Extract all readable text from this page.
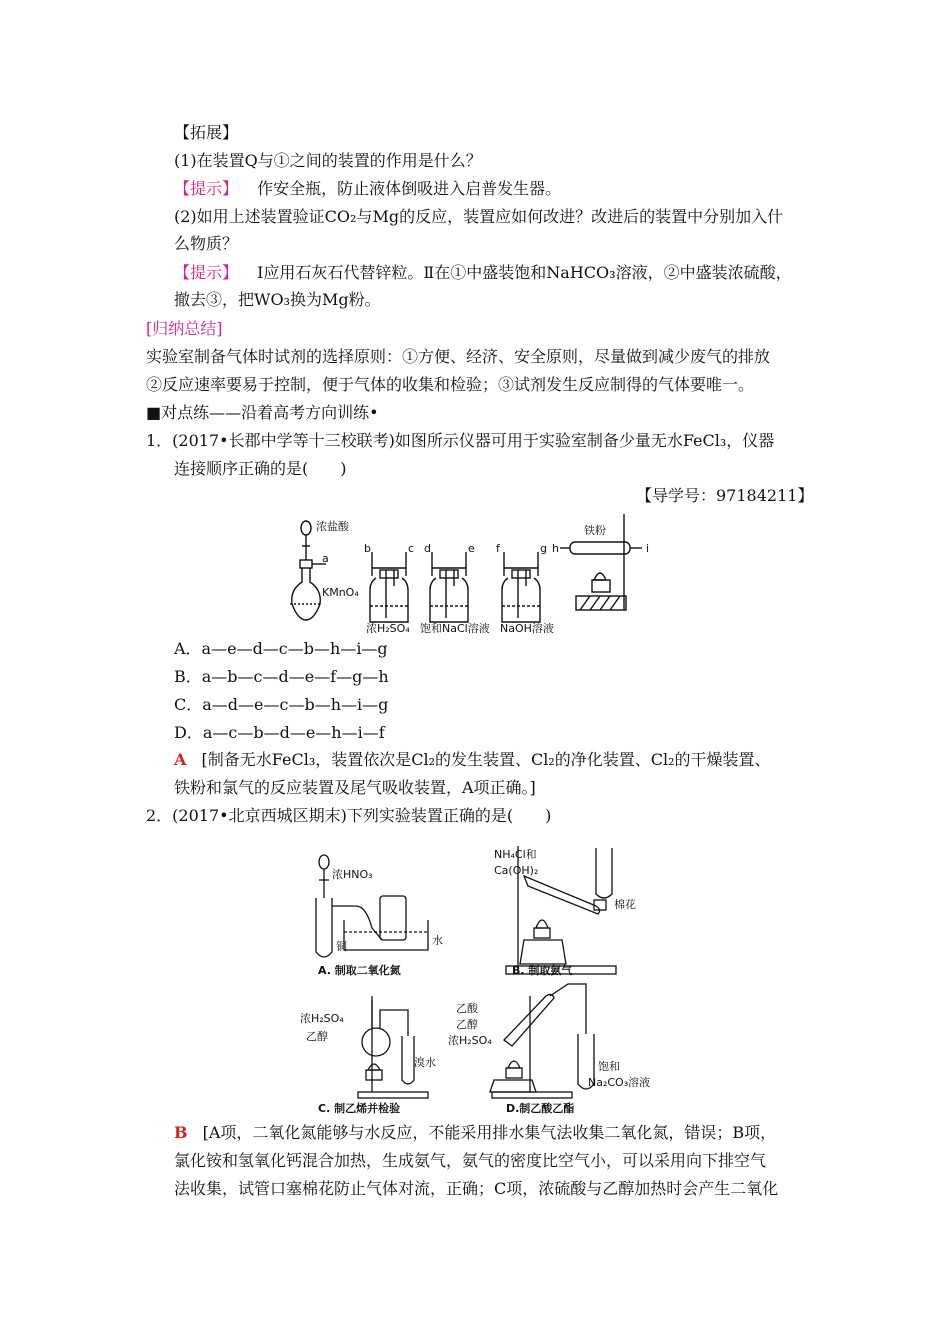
【拓展】
(1)在装置Q与①之间的装置的作用是什么？
【提示】 作安全瓶，防止液体倒吸进入启普发生器。
(2)如用上述装置验证CO₂与Mg的反应，装置应如何改进？改进后的装置中分别加入什
么物质？
【提示】 Ⅰ应用石灰石代替锌粒。Ⅱ在①中盛装饱和NaHCO₃溶液，②中盛装浓硫酸，
撤去③，把WO₃换为Mg粉。
[归纳总结]
实验室制备气体时试剂的选择原则：①方便、经济、安全原则，尽量做到减少废气的排放
②反应速率要易于控制，便于气体的收集和检验；③试剂发生反应制得的气体要唯一。
■对点练——沿着高考方向训练•
1．(2017•长郡中学等十三校联考)如图所示仪器可用于实验室制备少量无水FeCl₃，仪器
连接顺序正确的是(　　)
【导学号：97184211】
浓盐酸
a
KMnO₄
b	c d	e f	g h	i
铁粉
浓H₂SO₄ 饱和NaCl溶液 NaOH溶液
A．a—e—d—c—b—h—i—g
B．a—b—c—d—e—f—g—h
C．a—d—e—c—b—h—i—g
D．a—c—b—d—e—h—i—f
A [制备无水FeCl₃，装置依次是Cl₂的发生装置、Cl₂的净化装置、Cl₂的干燥装置、
铁粉和氯气的反应装置及尾气吸收装置，A项正确。]
2．(2017•北京西城区期末)下列实验装置正确的是(　　)
浓HNO₃
铜	水
A. 制取二氧化氮
NH₄Cl和
Ca(OH)₂
棉花
B. 制取氨气
浓H₂SO₄
乙醇
溴水
C. 制乙烯并检验
乙酸
乙醇
浓H₂SO₄
饱和
Na₂CO₃溶液
D.制乙酸乙酯
B [A项，二氧化氮能够与水反应，不能采用排水集气法收集二氧化氮，错误；B项，
氯化铵和氢氧化钙混合加热，生成氨气，氨气的密度比空气小，可以采用向下排空气
法收集，试管口塞棉花防止气体对流，正确；C项，浓硫酸与乙醇加热时会产生二氧化
